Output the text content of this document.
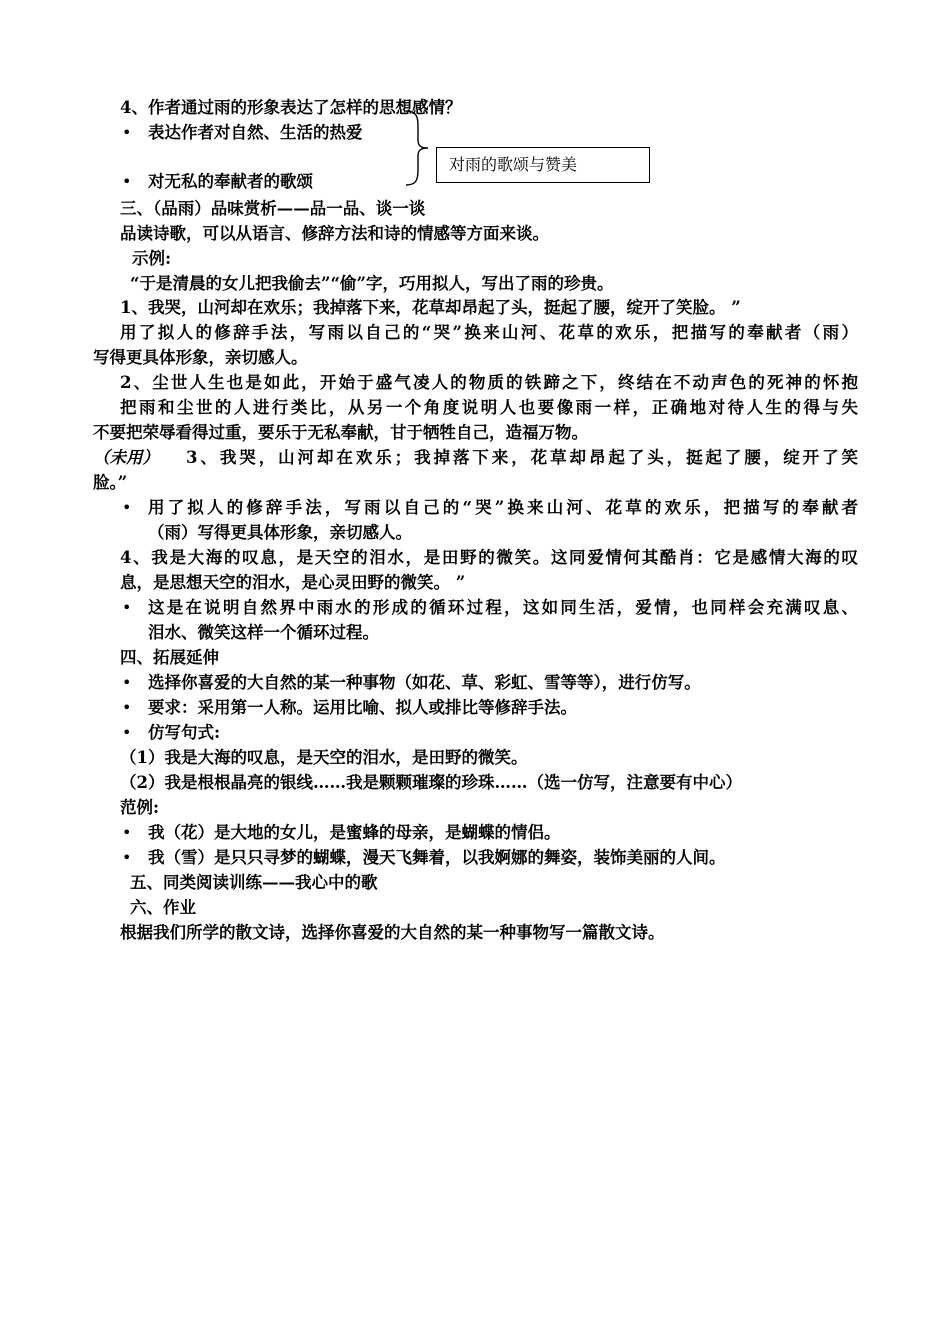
4、作者通过雨的形象表达了怎样的思想感情？
• 表达作者对自然、生活的热爱
对雨的歌颂与赞美
• 对无私的奉献者的歌颂
三、（品雨）品味赏析——品一品、谈一谈
品读诗歌，可以从语言、修辞方法和诗的情感等方面来谈。
示例:
“于是清晨的女儿把我偷去”“偷”字，巧用拟人，写出了雨的珍贵。
1、我哭，山河却在欢乐；我掉落下来，花草却昂起了头，挺起了腰，绽开了笑脸。 ”
用了拟人的修辞手法，写雨以自己的“哭”换来山河、花草的欢乐，把描写的奉献者（雨）
写得更具体形象，亲切感人。
2、尘世人生也是如此，开始于盛气凌人的物质的铁蹄之下，终结在不动声色的死神的怀抱
把雨和尘世的人进行类比，从另一个角度说明人也要像雨一样，正确地对待人生的得与失
不要把荣辱看得过重，要乐于无私奉献，甘于牺牲自己，造福万物。
（未用） 3、我哭，山河却在欢乐；我掉落下来，花草却昂起了头，挺起了腰，绽开了笑
脸。”
• 用了拟人的修辞手法，写雨以自己的“哭”换来山河、花草的欢乐，把描写的奉献者
（雨）写得更具体形象，亲切感人。
4、我是大海的叹息，是天空的泪水，是田野的微笑。这同爱情何其酷肖：它是感情大海的叹
息，是思想天空的泪水，是心灵田野的微笑。 ”
• 这是在说明自然界中雨水的形成的循环过程，这如同生活，爱情，也同样会充满叹息、
泪水、微笑这样一个循环过程。
四、拓展延伸
• 选择你喜爱的大自然的某一种事物（如花、草、彩虹、雪等等），进行仿写。
• 要求：采用第一人称。运用比喻、拟人或排比等修辞手法。
• 仿写句式:
（1）我是大海的叹息，是天空的泪水，是田野的微笑。
（2）我是根根晶亮的银线……我是颗颗璀璨的珍珠……（选一仿写，注意要有中心）
范例:
• 我（花）是大地的女儿，是蜜蜂的母亲，是蝴蝶的情侣。
• 我（雪）是只只寻梦的蝴蝶，漫天飞舞着，以我婀娜的舞姿，装饰美丽的人间。
五、同类阅读训练——我心中的歌
六、作业
根据我们所学的散文诗，选择你喜爱的大自然的某一种事物写一篇散文诗。
